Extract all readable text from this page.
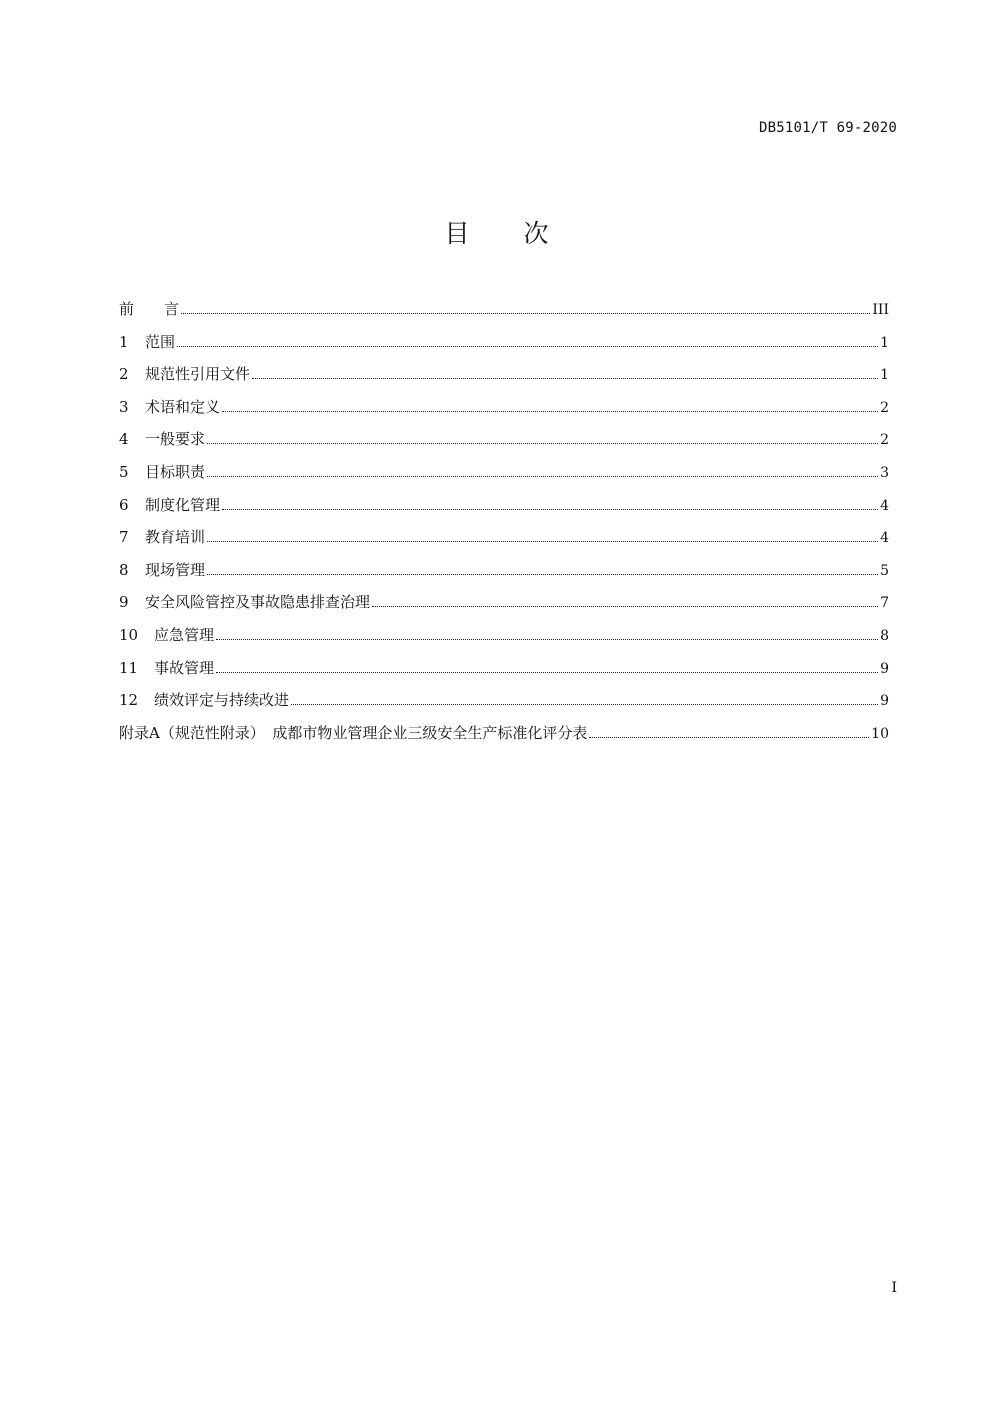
DB5101/T 69-2020
目 次
前　　言	III
1 范围	1
2 规范性引用文件	1
3 术语和定义	2
4 一般要求	2
5 目标职责	3
6 制度化管理	4
7 教育培训	4
8 现场管理	5
9 安全风险管控及事故隐患排查治理	7
10 应急管理	8
11 事故管理	9
12 绩效评定与持续改进	9
附录A（规范性附录）　成都市物业管理企业三级安全生产标准化评分表	10
I
